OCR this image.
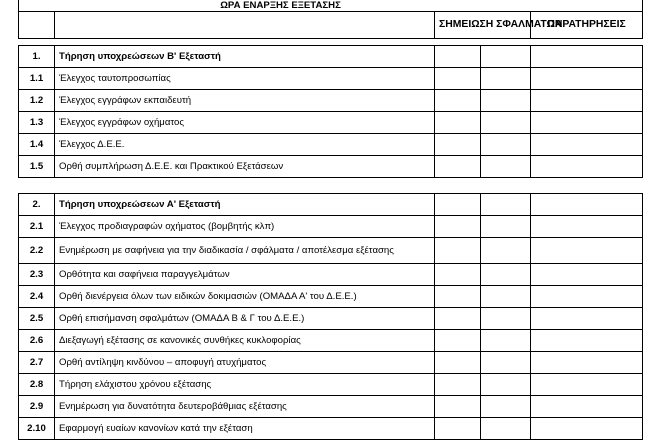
ΩΡΑ ΕΝΑΡΞΗΣ ΕΞΕΤΑΣΗΣ
		ΣΗΜΕΙΩΣΗ ΣΦΑΛΜΑΤΩΝ	ΠΑΡΑΤΗΡΗΣΕΙΣ
1.	Τήρηση υποχρεώσεων Β' Εξεταστή			
1.1	Έλεγχος ταυτοπροσωπίας			
1.2	Έλεγχος εγγράφων εκπαιδευτή			
1.3	Έλεγχος εγγράφων οχήματος			
1.4	Έλεγχος Δ.Ε.Ε.			
1.5	Ορθή συμπλήρωση Δ.Ε.Ε. και Πρακτικού Εξετάσεων			
2.	Τήρηση υποχρεώσεων Α' Εξεταστή			
2.1	Έλεγχος προδιαγραφών οχήματος (βομβητής κλπ)			
2.2	Ενημέρωση με σαφήνεια για την διαδικασία / σφάλματα / αποτέλεσμα εξέτασης			
2.3	Ορθότητα και σαφήνεια παραγγελμάτων			
2.4	Ορθή διενέργεια όλων των ειδικών δοκιμασιών (ΟΜΑΔΑ Α' του Δ.Ε.Ε.)			
2.5	Ορθή επισήμανση σφαλμάτων (ΟΜΑΔΑ Β & Γ του Δ.Ε.Ε.)			
2.6	Διεξαγωγή εξέτασης σε κανονικές συνθήκες κυκλοφορίας			
2.7	Ορθή αντίληψη κινδύνου – αποφυγή ατυχήματος			
2.8	Τήρηση ελάχιστου χρόνου εξέτασης			
2.9	Ενημέρωση για δυνατότητα δευτεροβάθμιας εξέτασης			
2.10	Εφαρμογή ευαίων κανονίων κατά την εξέταση			
